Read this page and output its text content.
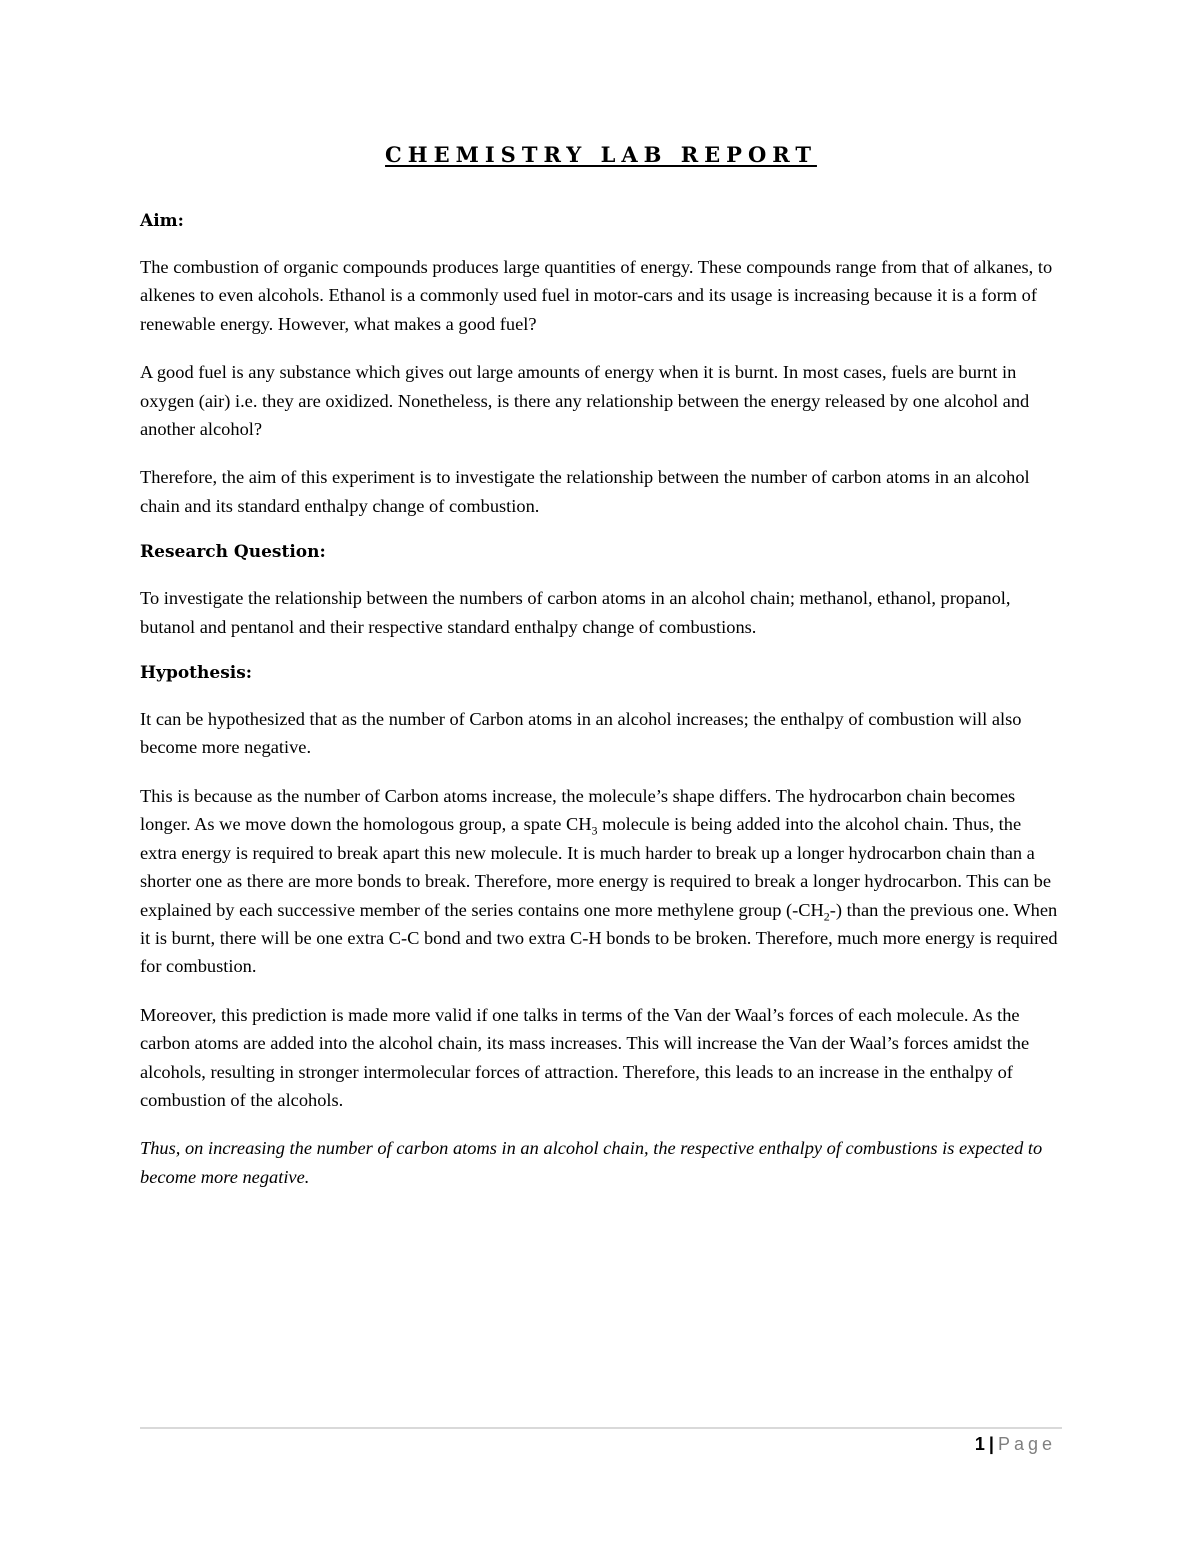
CHEMISTRY LAB REPORT
Aim:

The combustion of organic compounds produces large quantities of energy. These compounds range from that of alkanes, to alkenes to even alcohols. Ethanol is a commonly used fuel in motor-cars and its usage is increasing because it is a form of renewable energy. However, what makes a good fuel?

A good fuel is any substance which gives out large amounts of energy when it is burnt. In most cases, fuels are burnt in oxygen (air) i.e. they are oxidized. Nonetheless, is there any relationship between the energy released by one alcohol and another alcohol?

Therefore, the aim of this experiment is to investigate the relationship between the number of carbon atoms in an alcohol chain and its standard enthalpy change of combustion.

Research Question:

To investigate the relationship between the numbers of carbon atoms in an alcohol chain; methanol, ethanol, propanol, butanol and pentanol and their respective standard enthalpy change of combustions.

Hypothesis:

It can be hypothesized that as the number of Carbon atoms in an alcohol increases; the enthalpy of combustion will also become more negative.

This is because as the number of Carbon atoms increase, the molecule’s shape differs. The hydrocarbon chain becomes longer. As we move down the homologous group, a spate $CH_3$ molecule is being added into the alcohol chain. Thus, the extra energy is required to break apart this new molecule. It is much harder to break up a longer hydrocarbon chain than a shorter one as there are more bonds to break. Therefore, more energy is required to break a longer hydrocarbon. This can be explained by each successive member of the series contains one more methylene group $(-CH_2-)$ than the previous one. When it is burnt, there will be one extra C-C bond and two extra C-H bonds to be broken. Therefore, much more energy is required for combustion.

Moreover, this prediction is made more valid if one talks in terms of the Van der Waal’s forces of each molecule. As the carbon atoms are added into the alcohol chain, its mass increases. This will increase the Van der Waal’s forces amidst the alcohols, resulting in stronger intermolecular forces of attraction. Therefore, this leads to an increase in the enthalpy of combustion of the alcohols.

Thus, on increasing the number of carbon atoms in an alcohol chain, the respective enthalpy of combustions is expected to become more negative.

1 | Page
